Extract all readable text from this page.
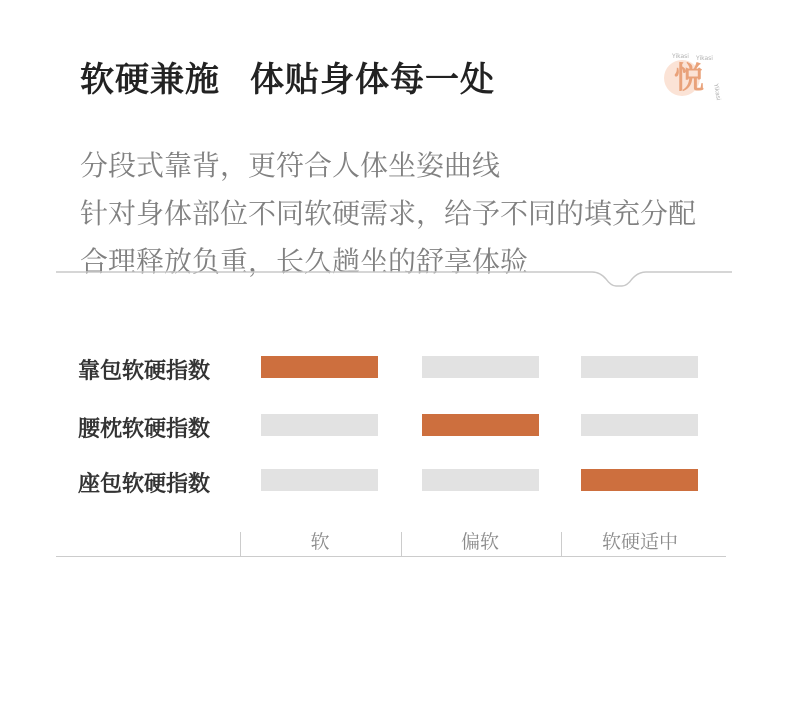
软硬兼施 体贴身体每一处	悦
Yikasi Yikasi
Yikasi
分段式靠背，更符合人体坐姿曲线
针对身体部位不同软硬需求，给予不同的填充分配
合理释放负重，长久趟坐的舒享体验
靠包软硬指数
腰枕软硬指数
座包软硬指数
软	偏软	软硬适中
